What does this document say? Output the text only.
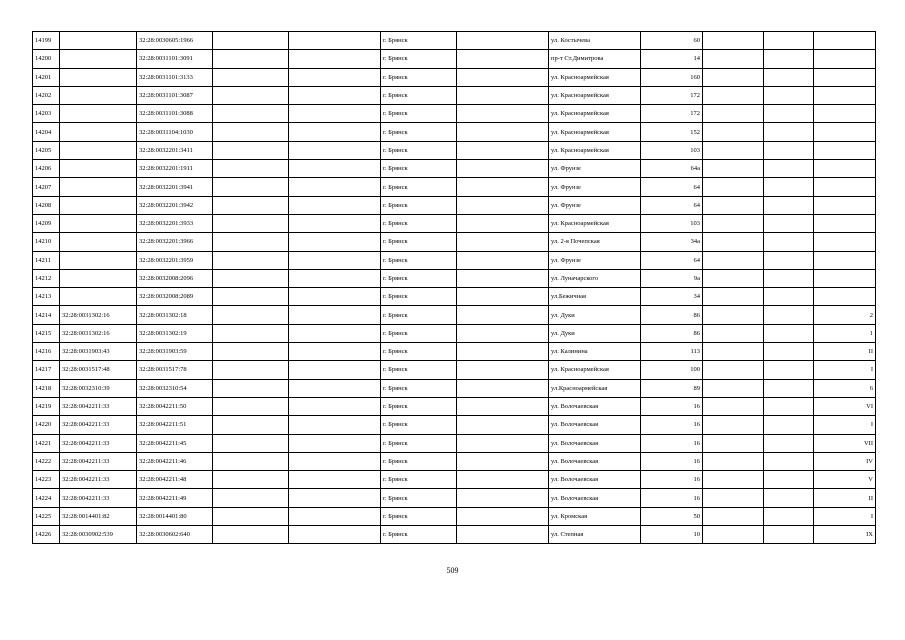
14199		32:28:0030605:1966			г. Брянск		ул. Костычева	60			
14200		32:28:0031101:3091			г. Брянск		пр-т Ст.Димитрова	14			
14201		32:28:0031101:3133			г. Брянск		ул. Красноармейская	160			
14202		32:28:0031101:3087			г. Брянск		ул. Красноармейская	172			
14203		32:28:0031101:3088			г. Брянск		ул. Красноармейская	172			
14204		32:28:0031104:1030			г. Брянск		ул. Красноармейская	152			
14205		32:28:0032201:3411			г. Брянск		ул. Красноармейская	103			
14206		32:28:0032201:1911			г. Брянск		ул. Фрунзе	64а			
14207		32:28:0032201:3941			г. Брянск		ул. Фрунзе	64			
14208		32:28:0032201:3942			г. Брянск		ул. Фрунзе	64			
14209		32:28:0032201:3933			г. Брянск		ул. Красноармейская	103			
14210		32:28:0032201:3966			г. Брянск		ул. 2-я Почепская	34а			
14211		32:28:0032201:3959			г. Брянск		ул. Фрунзе	64			
14212		32:28:0032008:2096			г. Брянск		ул. Луначарского	9а			
14213		32:28:0032008:2089			г. Брянск		ул.Бежичная	34			
14214	32:28:0031302:16	32:28:0031302:18			г. Брянск		ул. Дуки	86			2
14215	32:28:0031302:16	32:28:0031302:19			г. Брянск		ул. Дуки	86			1
14216	32:28:0031903:43	32:28:0031903:59			г. Брянск		ул. Калинина	113			II
14217	32:28:0031517:48	32:28:0031517:78			г. Брянск		ул. Красноармейская	100			I
14218	32:28:0032310:39	32:28:0032310:54			г. Брянск		ул.Красноармейская	89			6
14219	32:28:0042211:33	32:28:0042211:50			г. Брянск		ул. Волочаевская	16			VI
14220	32:28:0042211:33	32:28:0042211:51			г. Брянск		ул. Волочаевская	16			I
14221	32:28:0042211:33	32:28:0042211:45			г. Брянск		ул. Волочаевская	16			VII
14222	32:28:0042211:33	32:28:0042211:46			г. Брянск		ул. Волочаевская	16			IV
14223	32:28:0042211:33	32:28:0042211:48			г. Брянск		ул. Волочаевская	16			V
14224	32:28:0042211:33	32:28:0042211:49			г. Брянск		ул. Волочаевская	16			II
14225	32:28:0014401:82	32:28:0014401:80			г. Брянск		ул. Кромская	50			I
14226	32:28:0030902:539	32:28:0030602:640			г. Брянск		ул. Степная	10			IX
509
